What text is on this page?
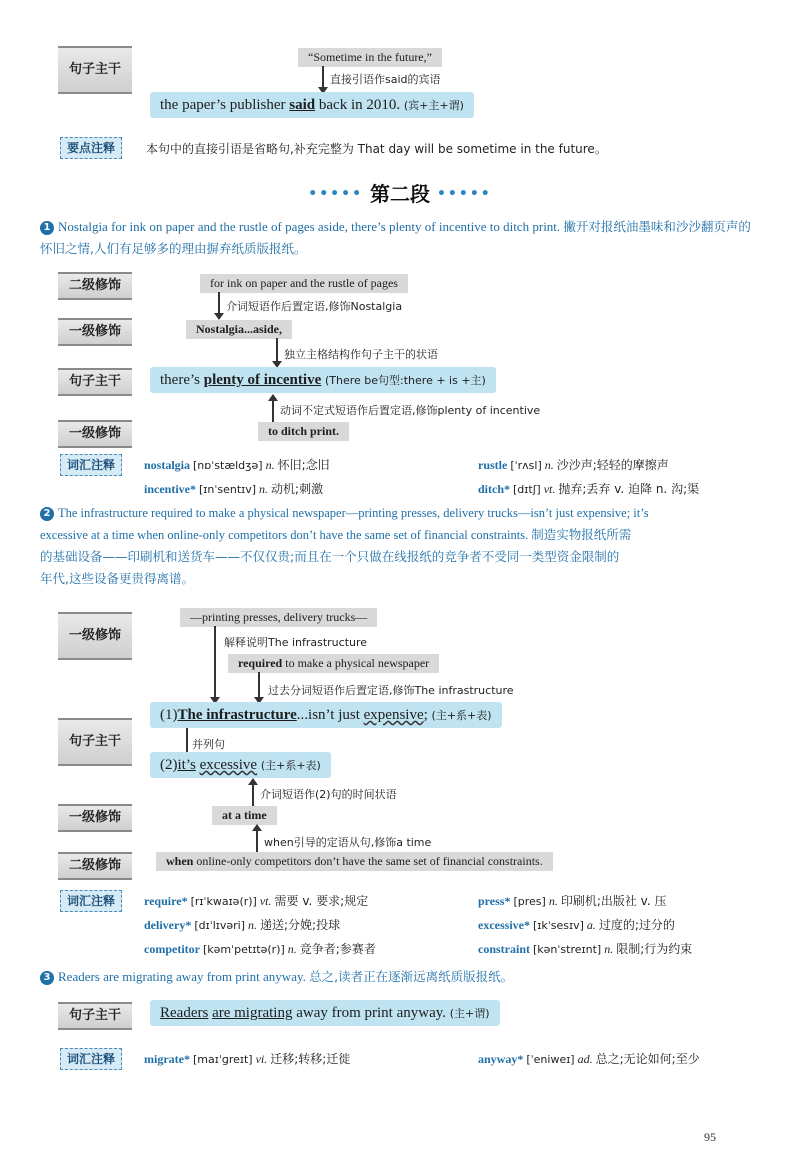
句子主干
“Sometime in the future,”
直接引语作said的宾语
the paper’s publisher said back in 2010. (宾+主+谓)
要点注释	本句中的直接引语是省略句,补充完整为 That day will be sometime in the future。
••••• 第二段 •••••
1 Nostalgia for ink on paper and the rustle of pages aside, there’s plenty of incentive to ditch print. 撇开对报纸油墨味和沙沙翻页声的怀旧之情,人们有足够多的理由摒弃纸质版报纸。
二级修饰	for ink on paper and the rustle of pages
介词短语作后置定语,修饰Nostalgia
一级修饰	Nostalgia...aside,
独立主格结构作句子主干的状语
句子主干	there’s plenty of incentive (There be句型:there + is +主)
动词不定式短语作后置定语,修饰plenty of incentive
一级修饰	to ditch print.
词汇注释	nostalgia [nɒˈstældʒə] n. 怀旧;念旧	rustle [ˈrʌsl] n. 沙沙声;轻轻的摩擦声
incentive* [ɪnˈsentɪv] n. 动机;刺激	ditch* [dɪtʃ] vt. 抛弃;丢弃 v. 迫降 n. 沟;渠
2 The infrastructure required to make a physical newspaper—printing presses, delivery trucks—isn’t just expensive; it’s
excessive at a time when online-only competitors don’t have the same set of financial constraints. 制造实物报纸所需
的基础设备——印刷机和送货车——不仅仅贵;而且在一个只做在线报纸的竞争者不受同一类型资金限制的
年代,这些设备更贵得离谱。
一级修饰
—printing presses, delivery trucks—
解释说明The infrastructure
required to make a physical newspaper
过去分词短语作后置定语,修饰The infrastructure
句子主干
(1)The infrastructure...isn’t just expensive; (主+系+表)
并列句
(2)it’s excessive (主+系+表)
介词短语作(2)句的时间状语
一级修饰	at a time
when引导的定语从句,修饰a time
二级修饰	when online-only competitors don’t have the same set of financial constraints.
词汇注释	require* [rɪˈkwaɪə(r)] vt. 需要 v. 要求;规定	press* [pres] n. 印刷机;出版社 v. 压
delivery* [dɪˈlɪvəri] n. 递送;分娩;投球	excessive* [ɪkˈsesɪv] a. 过度的;过分的
competitor [kəmˈpetɪtə(r)] n. 竞争者;参赛者	constraint [kənˈstreɪnt] n. 限制;行为约束
3 Readers are migrating away from print anyway. 总之,读者正在逐渐远离纸质版报纸。
句子主干	Readers are migrating away from print anyway. (主+谓)
词汇注释	migrate* [maɪˈɡreɪt] vi. 迁移;转移;迁徙	anyway* [ˈeniweɪ] ad. 总之;无论如何;至少
95
